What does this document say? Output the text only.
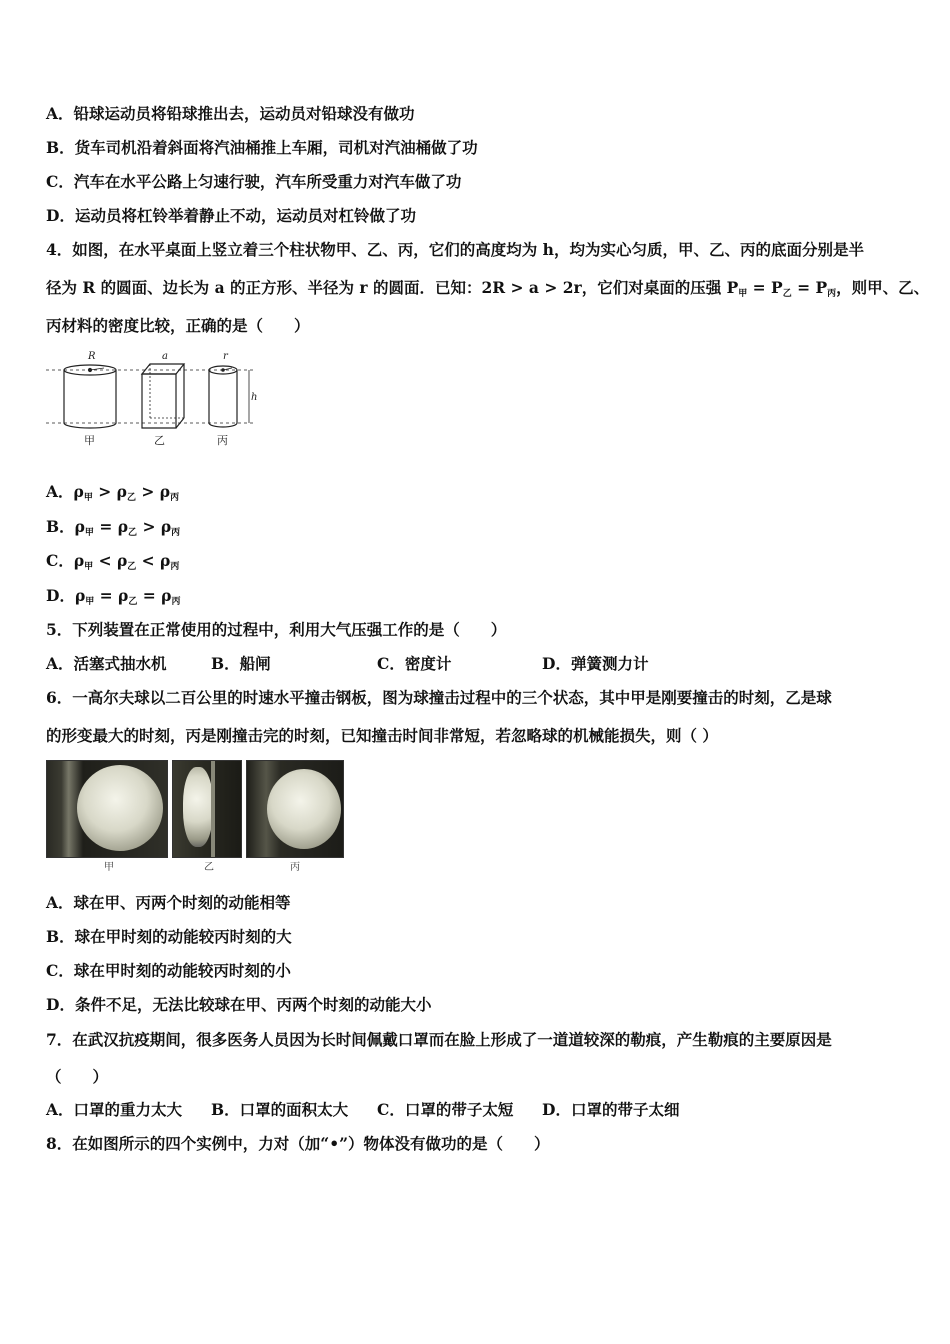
A．铅球运动员将铅球推出去，运动员对铅球没有做功
B．货车司机沿着斜面将汽油桶推上车厢，司机对汽油桶做了功
C．汽车在水平公路上匀速行驶，汽车所受重力对汽车做了功
D．运动员将杠铃举着静止不动，运动员对杠铃做了功
4．如图，在水平桌面上竖立着三个柱状物甲、乙、丙，它们的高度均为 h，均为实心匀质，甲、乙、丙的底面分别是半
径为 R 的圆面、边长为 a 的正方形、半径为 r 的圆面．已知：2R > a > 2r，它们对桌面的压强 $P_甲 = P_乙 = P_丙$，则甲、乙、
丙材料的密度比较，正确的是（　　）
R	a	r
h
甲	乙	丙
A．$\rho_甲 > \rho_乙 > \rho_丙$
B．$\rho_甲 = \rho_乙 > \rho_丙$
C．$\rho_甲 < \rho_乙 < \rho_丙$
D．$\rho_甲 = \rho_乙 = \rho_丙$
5．下列装置在正常使用的过程中，利用大气压强工作的是（　　）
A．活塞式抽水机	B．船闸	C．密度计	D．弹簧测力计
6．一高尔夫球以二百公里的时速水平撞击钢板，图为球撞击过程中的三个状态，其中甲是刚要撞击的时刻，乙是球
的形变最大的时刻，丙是刚撞击完的时刻，已知撞击时间非常短，若忽略球的机械能损失，则（ ）
甲	乙	丙
A．球在甲、丙两个时刻的动能相等
B．球在甲时刻的动能较丙时刻的大
C．球在甲时刻的动能较丙时刻的小
D．条件不足，无法比较球在甲、丙两个时刻的动能大小
7．在武汉抗疫期间，很多医务人员因为长时间佩戴口罩而在脸上形成了一道道较深的勒痕，产生勒痕的主要原因是
（　　）
A．口罩的重力太大 B．口罩的面积太大 C．口罩的带子太短 D．口罩的带子太细
8．在如图所示的四个实例中，力对（加“•”）物体没有做功的是（　　）
